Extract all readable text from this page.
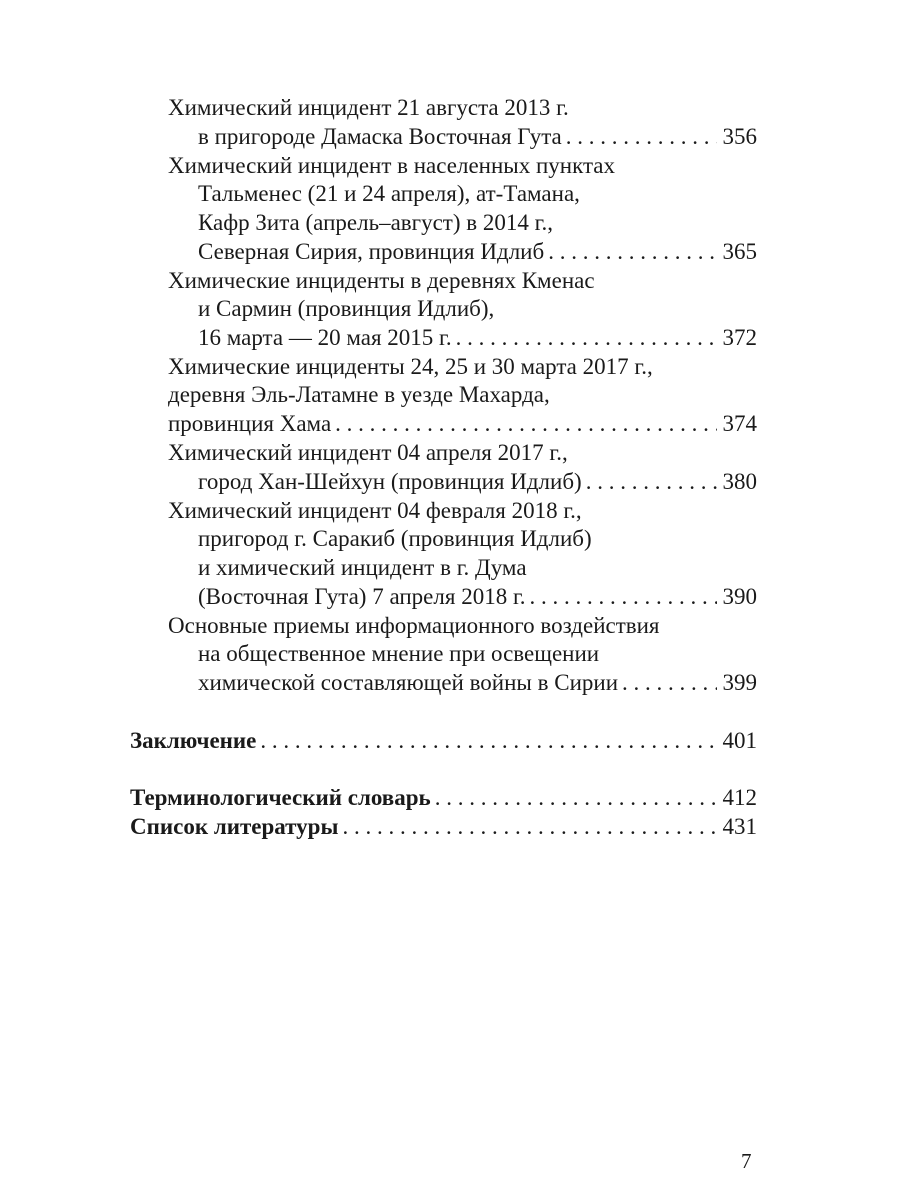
Химический инцидент 21 августа 2013 г.
в пригороде Дамаска Восточная Гута . . .	356
Химический инцидент в населенных пунктах
Тальменес (21 и 24 апреля), ат-Тамана,
Кафр Зита (апрель–август) в 2014 г.,
Северная Сирия, провинция Идлиб . . .	365
Химические инциденты в деревнях Кменас
и Сармин (провинция Идлиб),
16 марта — 20 мая 2015 г. . . .	372
Химические инциденты 24, 25 и 30 марта 2017 г.,
деревня Эль-Латамне в уезде Махарда,
провинция Хама . . .	374
Химический инцидент 04 апреля 2017 г.,
город Хан-Шейхун (провинция Идлиб) . . .	380
Химический инцидент 04 февраля 2018 г.,
пригород г. Саракиб (провинция Идлиб)
и химический инцидент в г. Дума
(Восточная Гута) 7 апреля 2018 г. . . .	390
Основные приемы информационного воздействия
на общественное мнение при освещении
химической составляющей войны в Сирии . . .	399
Заключение . . .	401
Терминологический словарь . . .	412
Список литературы . . .	431
7
